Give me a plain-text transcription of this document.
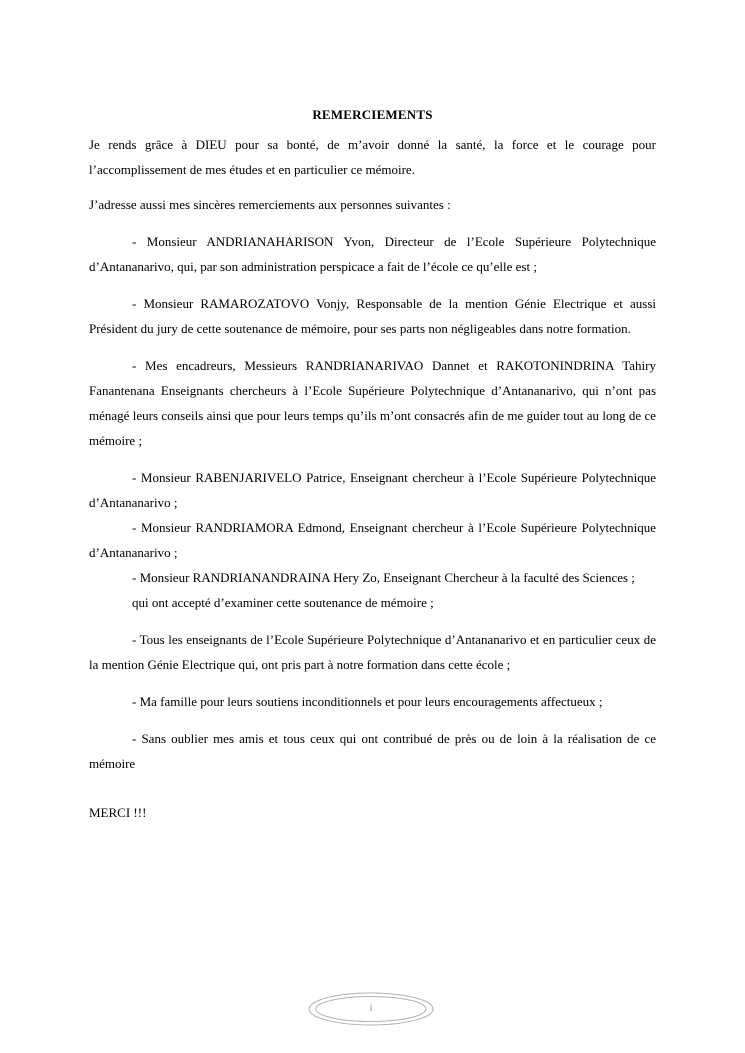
REMERCIEMENTS

Je rends grâce à DIEU pour sa bonté, de m’avoir donné la santé, la force et le courage pour l’accomplissement de mes études et en particulier ce mémoire.

J’adresse aussi mes sincères remerciements aux personnes suivantes :

- Monsieur ANDRIANAHARISON Yvon, Directeur de l’Ecole Supérieure Polytechnique d’Antananarivo, qui, par son administration perspicace a fait de l’école ce qu’elle est ;

- Monsieur RAMAROZATOVO Vonjy, Responsable de la mention Génie Electrique et aussi Président du jury de cette soutenance de mémoire, pour ses parts non négligeables dans notre formation.

- Mes encadreurs, Messieurs RANDRIANARIVAO Dannet et RAKOTONINDRINA Tahiry Fanantenana Enseignants chercheurs à l’Ecole Supérieure Polytechnique d’Antananarivo, qui n’ont pas ménagé leurs conseils ainsi que pour leurs temps qu’ils m’ont consacrés afin de me guider tout au long de ce mémoire ;

- Monsieur RABENJARIVELO Patrice, Enseignant chercheur à l’Ecole Supérieure Polytechnique d’Antananarivo ;

- Monsieur RANDRIAMORA Edmond, Enseignant chercheur à l’Ecole Supérieure Polytechnique d’Antananarivo ;

- Monsieur RANDRIANANDRAINA Hery Zo, Enseignant Chercheur à la faculté des Sciences ;

qui ont accepté d’examiner cette soutenance de mémoire ;

- Tous les enseignants de l’Ecole Supérieure Polytechnique d’Antananarivo et en particulier ceux de la mention Génie Electrique qui, ont pris part à notre formation dans cette école ;

- Ma famille pour leurs soutiens inconditionnels et pour leurs encouragements affectueux ;

- Sans oublier mes amis et tous ceux qui ont contribué de près ou de loin à la réalisation de ce mémoire

MERCI !!!

i
